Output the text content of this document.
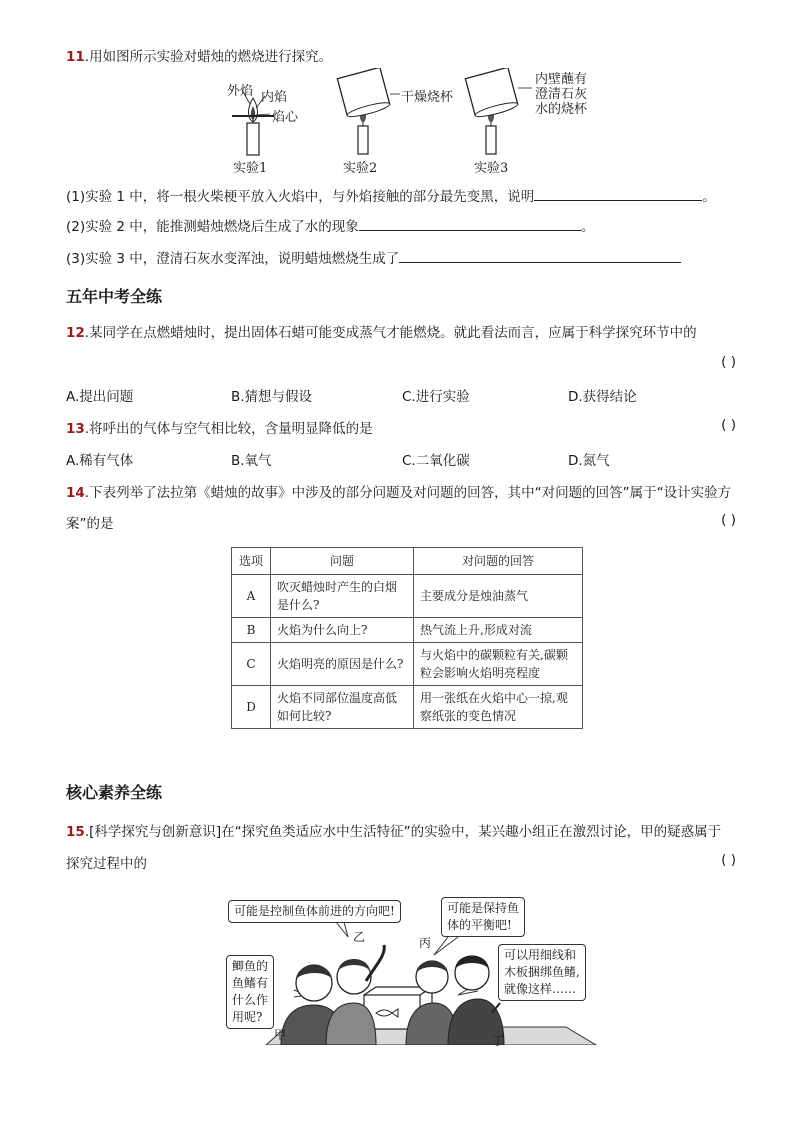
11.用如图所示实验对蜡烛的燃烧进行探究。
外焰 内焰
焰心
干燥烧杯
内壁蘸有
澄清石灰
水的烧杯
实验1	实验2	实验3
(1)实验 1 中，将一根火柴梗平放入火焰中，与外焰接触的部分最先变黑，说明	。
(2)实验 2 中，能推测蜡烛燃烧后生成了水的现象	。
(3)实验 3 中，澄清石灰水变浑浊，说明蜡烛燃烧生成了
五年中考全练
12.某同学在点燃蜡烛时，提出固体石蜡可能变成蒸气才能燃烧。就此看法而言，应属于科学探究环节中的
( )
A.提出问题	B.猜想与假设	C.进行实验	D.获得结论
13.将呼出的气体与空气相比较，含量明显降低的是	( )
A.稀有气体	B.氧气	C.二氧化碳	D.氮气
14.下表列举了法拉第《蜡烛的故事》中涉及的部分问题及对问题的回答，其中“对问题的回答”属于“设计实验方
案”的是	( )
选项	问题	对问题的回答
A	吹灭蜡烛时产生的白烟是什么?	主要成分是烛油蒸气
B	火焰为什么向上?	热气流上升,形成对流
C	火焰明亮的原因是什么?	与火焰中的碳颗粒有关,碳颗粒会影响火焰明亮程度
D	火焰不同部位温度高低如何比较?	用一张纸在火焰中心一掠,观察纸张的变色情况
核心素养全练
15.[科学探究与创新意识]在“探究鱼类适应水中生活特征”的实验中，某兴趣小组正在激烈讨论，甲的疑惑属于
探究过程中的	( )
可能是控制鱼体前进的方向吧!	可能是保持鱼
体的平衡吧!
可以用细线和
木板捆绑鱼鳍,
就像这样……
鲫鱼的
鱼鳍有
什么作
用呢?
甲
乙	丙
丁
